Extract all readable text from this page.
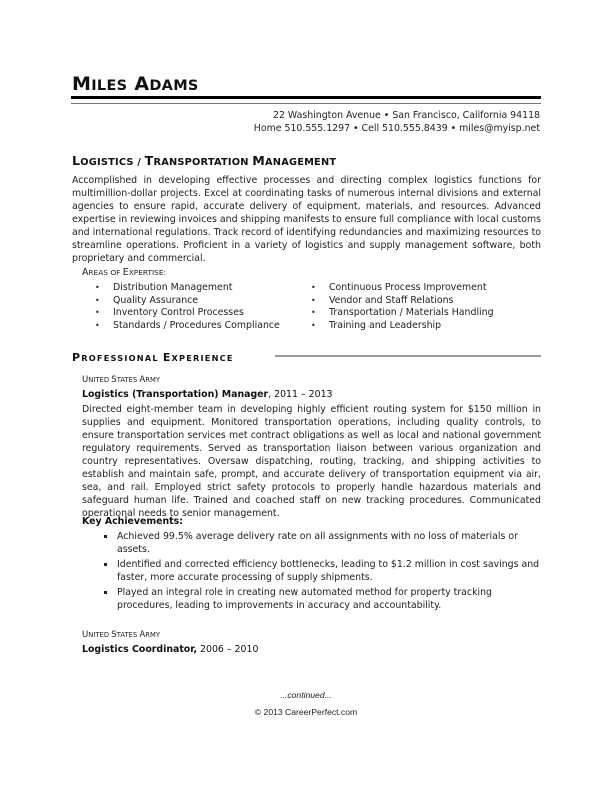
MILES ADAMS
22 Washington Avenue • San Francisco, California 94118
Home 510.555.1297 • Cell 510.555.8439 • miles@myisp.net
LOGISTICS / TRANSPORTATION MANAGEMENT
Accomplished in developing effective processes and directing complex logistics functions for multimillion-dollar projects. Excel at coordinating tasks of numerous internal divisions and external agencies to ensure rapid, accurate delivery of equipment, materials, and resources. Advanced expertise in reviewing invoices and shipping manifests to ensure full compliance with local customs and international regulations. Track record of identifying redundancies and maximizing resources to streamline operations. Proficient in a variety of logistics and supply management software, both proprietary and commercial.
AREAS OF EXPERTISE:
• Distribution Management
• Quality Assurance
• Inventory Control Processes
• Standards / Procedures Compliance
• Continuous Process Improvement
• Vendor and Staff Relations
• Transportation / Materials Handling
• Training and Leadership
PROFESSIONAL EXPERIENCE
UNITED STATES ARMY
Logistics (Transportation) Manager, 2011 – 2013
Directed eight-member team in developing highly efficient routing system for $150 million in supplies and equipment. Monitored transportation operations, including quality controls, to ensure transportation services met contract obligations as well as local and national government regulatory requirements. Served as transportation liaison between various organization and country representatives. Oversaw dispatching, routing, tracking, and shipping activities to establish and maintain safe, prompt, and accurate delivery of transportation equipment via air, sea, and rail. Employed strict safety protocols to properly handle hazardous materials and safeguard human life. Trained and coached staff on new tracking procedures. Communicated operational needs to senior management.
Key Achievements:
Achieved 99.5% average delivery rate on all assignments with no loss of materials or assets.
Identified and corrected efficiency bottlenecks, leading to $1.2 million in cost savings and faster, more accurate processing of supply shipments.
Played an integral role in creating new automated method for property tracking procedures, leading to improvements in accuracy and accountability.
UNITED STATES ARMY
Logistics Coordinator, 2006 – 2010
...continued...
© 2013 CareerPerfect.com
